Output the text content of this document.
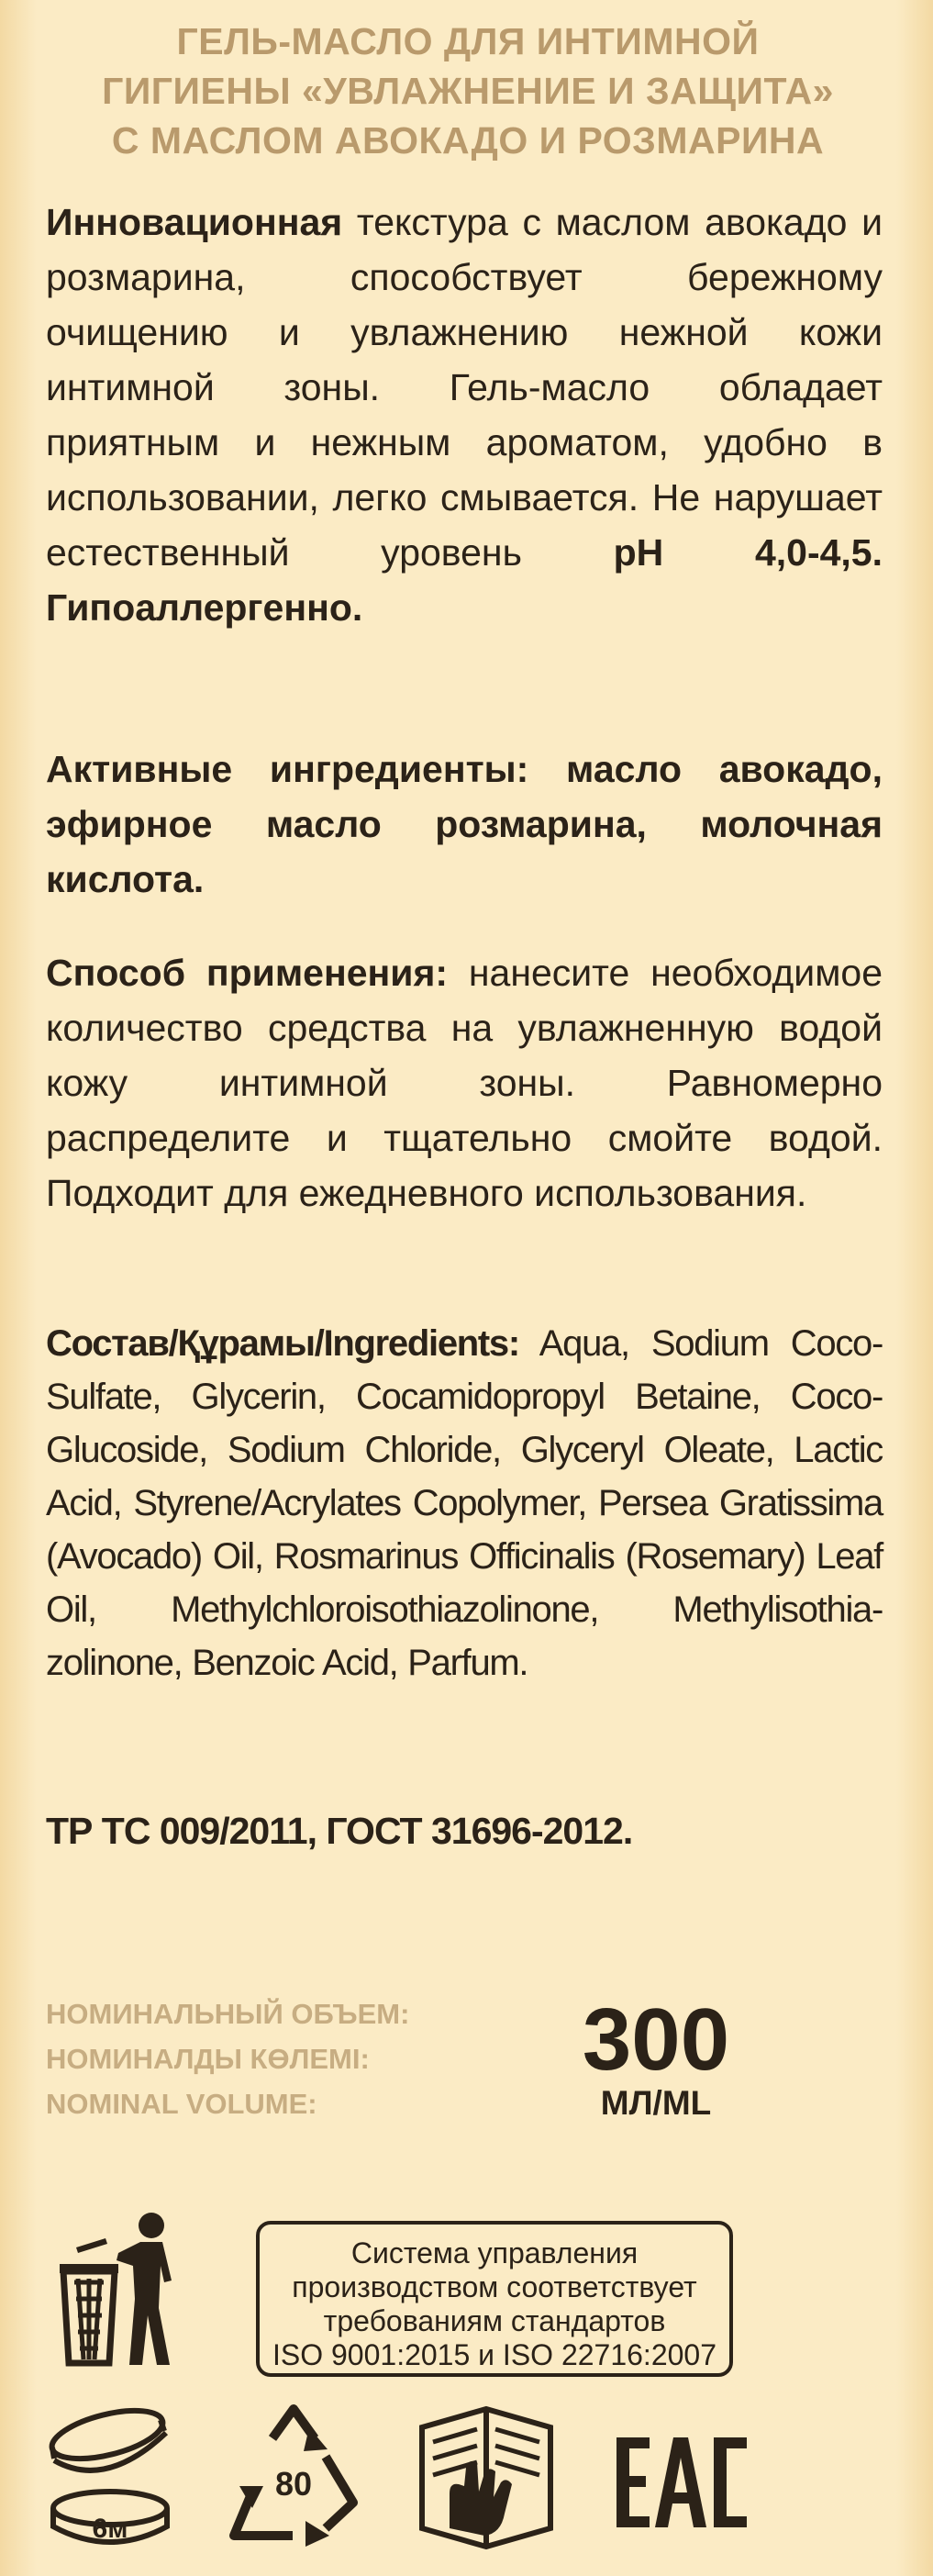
ГЕЛЬ-МАСЛО ДЛЯ ИНТИМНОЙ
ГИГИЕНЫ «УВЛАЖНЕНИЕ И ЗАЩИТА»
С МАСЛОМ АВОКАДО И РОЗМАРИНА
Инновационная текстура с маслом авокадо и розмарина, способствует бережному очищению и увлажнению нежной кожи интимной зоны. Гель-масло обладает приятным и нежным ароматом, удобно в использовании, легко смывается. Не нарушает естественный уровень pH 4,0-4,5. Гипоаллергенно.
Активные ингредиенты: масло авокадо, эфирное масло розмарина, молочная кислота.
Способ применения: нанесите необходимое количество средства на увлажненную водой кожу интимной зоны. Равномерно распределите и тщательно смойте водой. Подходит для ежедневного использования.
Состав/Құрамы/Ingredients: Aqua, Sodium Coco-Sulfate, Glycerin, Cocamidopropyl Betaine, Coco-Glucoside, Sodium Chloride, Glyceryl Oleate, Lactic Acid, Styrene/Acrylates Copolymer, Persea Gratissima (Avocado) Oil, Rosmarinus Officinalis (Rosemary) Leaf Oil, Methylchloroisothiazolinone, Methylisothia-zolinone, Benzoic Acid, Parfum.
ТР ТС 009/2011, ГОСТ 31696-2012.
НОМИНАЛЬНЫЙ ОБЪЕМ:
НОМИНАЛДЫ КӨЛЕМІ:
NOMINAL VOLUME:
300
МЛ/ML
Система управления
производством соответствует
требованиям стандартов
ISO 9001:2015 и ISO 22716:2007
6м
80
